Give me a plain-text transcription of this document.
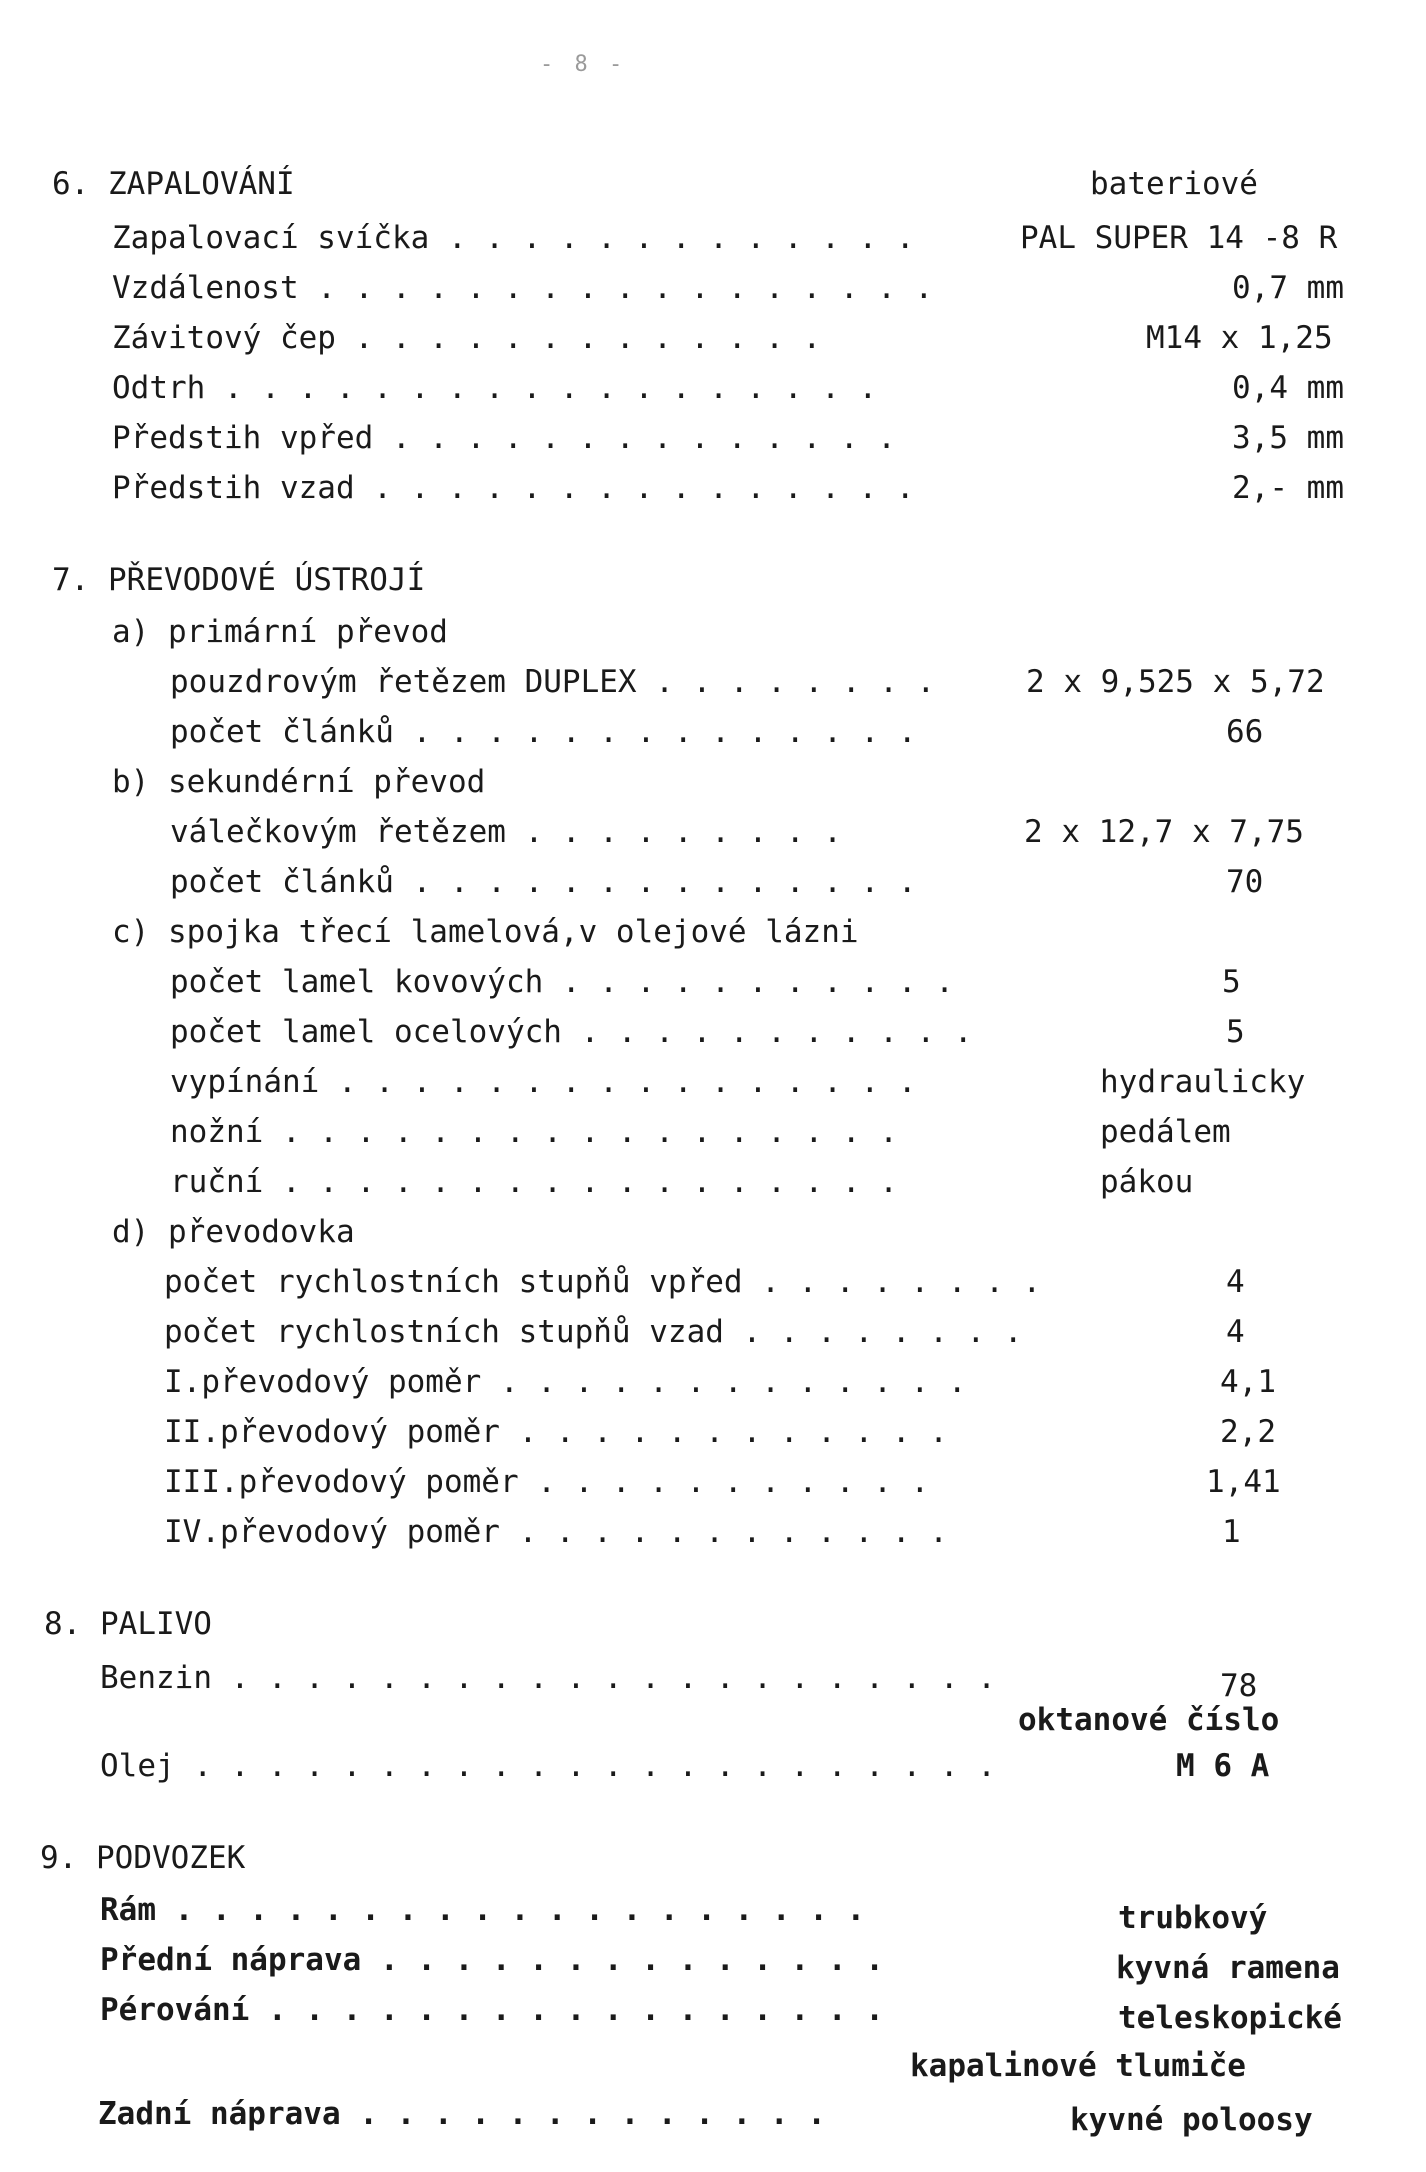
- 8 -
6. ZAPALOVÁNÍ	bateriové
Zapalovací svíčka . . . . . . . . . . . . .	PAL SUPER 14 -8 R
Vzdálenost . . . . . . . . . . . . . . . . .	0,7 mm
Závitový čep . . . . . . . . . . . . .	M14 x 1,25
Odtrh . . . . . . . . . . . . . . . . . .	0,4 mm
Předstih vpřed . . . . . . . . . . . . . .	3,5 mm
Předstih vzad . . . . . . . . . . . . . . .	2,- mm
7. PŘEVODOVÉ ÚSTROJÍ
a) primární převod
pouzdrovým řetězem DUPLEX . . . . . . . .	2 x 9,525 x 5,72
počet článků . . . . . . . . . . . . . .	66
b) sekundérní převod
válečkovým řetězem . . . . . . . . .	2 x 12,7 x 7,75
počet článků . . . . . . . . . . . . . .	70
c) spojka třecí lamelová,v olejové lázni
počet lamel kovových . . . . . . . . . . .	5
počet lamel ocelových . . . . . . . . . . .	5
vypínání . . . . . . . . . . . . . . . .	hydraulicky
nožní . . . . . . . . . . . . . . . . .	pedálem
ruční . . . . . . . . . . . . . . . . .	pákou
d) převodovka
počet rychlostních stupňů vpřed . . . . . . . .	4
počet rychlostních stupňů vzad . . . . . . . .	4
I.převodový poměr . . . . . . . . . . . . .	4,1
II.převodový poměr . . . . . . . . . . . .	2,2
III.převodový poměr . . . . . . . . . . .	1,41
IV.převodový poměr . . . . . . . . . . . .	1
8. PALIVO
Benzin . . . . . . . . . . . . . . . . . . . . .	78
oktanové číslo
Olej . . . . . . . . . . . . . . . . . . . . . .	M 6 A
9. PODVOZEK
Rám . . . . . . . . . . . . . . . . . . .	trubkový
Přední náprava . . . . . . . . . . . . . .	kyvná ramena
Pérování . . . . . . . . . . . . . . . . .	teleskopické
kapalinové tlumiče
Zadní náprava . . . . . . . . . . . . .	kyvné poloosy
